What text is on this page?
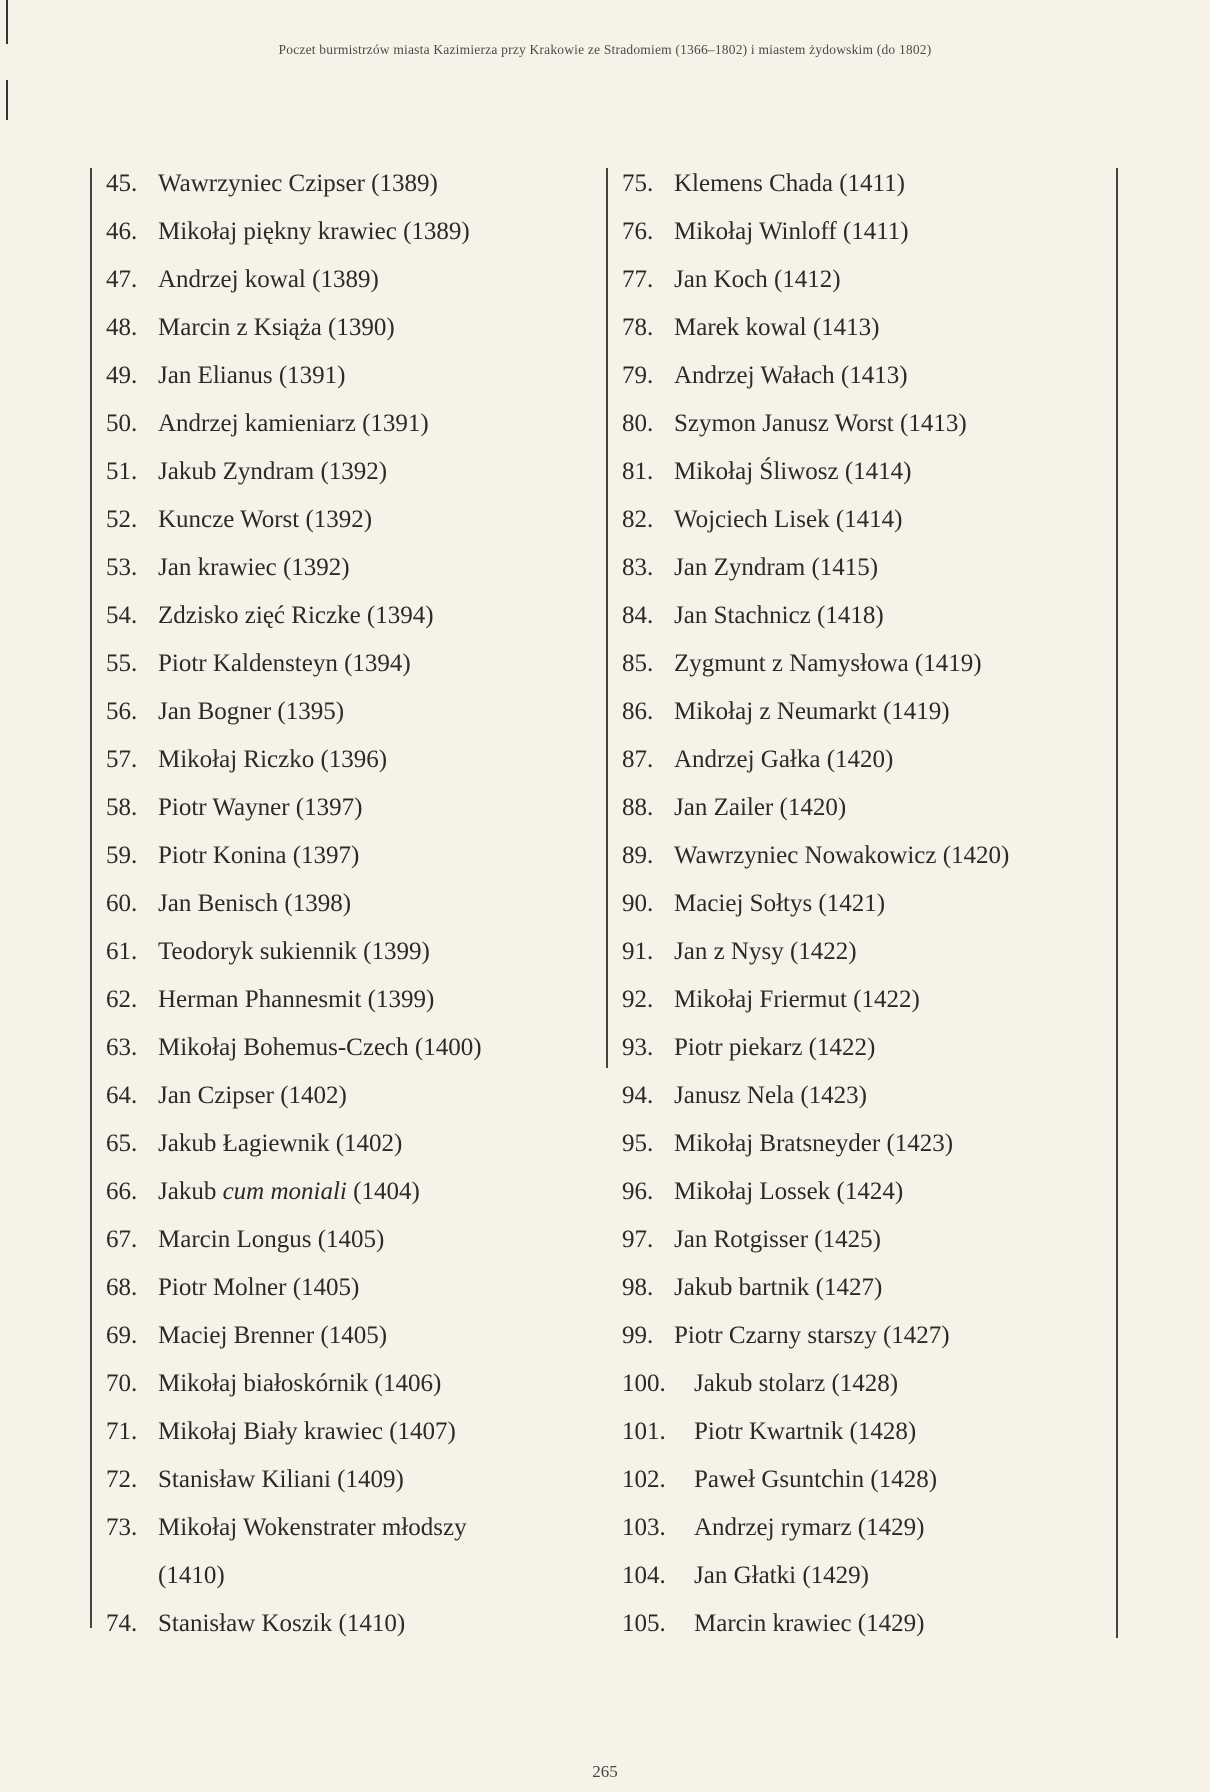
Poczet burmistrzów miasta Kazimierza przy Krakowie ze Stradomiem (1366–1802) i miastem żydowskim (do 1802)
45. Wawrzyniec Czipser (1389)
46. Mikołaj piękny krawiec (1389)
47. Andrzej kowal (1389)
48. Marcin z Książa (1390)
49. Jan Elianus (1391)
50. Andrzej kamieniarz (1391)
51. Jakub Zyndram (1392)
52. Kuncze Worst (1392)
53. Jan krawiec (1392)
54. Zdzisko zięć Riczke (1394)
55. Piotr Kaldensteyn (1394)
56. Jan Bogner (1395)
57. Mikołaj Riczko (1396)
58. Piotr Wayner (1397)
59. Piotr Konina (1397)
60. Jan Benisch (1398)
61. Teodoryk sukiennik (1399)
62. Herman Phannesmit (1399)
63. Mikołaj Bohemus-Czech (1400)
64. Jan Czipser (1402)
65. Jakub Łagiewnik (1402)
66. Jakub cum moniali (1404)
67. Marcin Longus (1405)
68. Piotr Molner (1405)
69. Maciej Brenner (1405)
70. Mikołaj białoskórnik (1406)
71. Mikołaj Biały krawiec (1407)
72. Stanisław Kiliani (1409)
73. Mikołaj Wokenstrater młodszy
(1410)
74. Stanisław Koszik (1410)
75. Klemens Chada (1411)
76. Mikołaj Winloff (1411)
77. Jan Koch (1412)
78. Marek kowal (1413)
79. Andrzej Wałach (1413)
80. Szymon Janusz Worst (1413)
81. Mikołaj Śliwosz (1414)
82. Wojciech Lisek (1414)
83. Jan Zyndram (1415)
84. Jan Stachnicz (1418)
85. Zygmunt z Namysłowa (1419)
86. Mikołaj z Neumarkt (1419)
87. Andrzej Gałka (1420)
88. Jan Zailer (1420)
89. Wawrzyniec Nowakowicz (1420)
90. Maciej Sołtys (1421)
91. Jan z Nysy (1422)
92. Mikołaj Friermut (1422)
93. Piotr piekarz (1422)
94. Janusz Nela (1423)
95. Mikołaj Bratsneyder (1423)
96. Mikołaj Lossek (1424)
97. Jan Rotgisser (1425)
98. Jakub bartnik (1427)
99. Piotr Czarny starszy (1427)
100. Jakub stolarz (1428)
101. Piotr Kwartnik (1428)
102. Paweł Gsuntchin (1428)
103. Andrzej rymarz (1429)
104. Jan Głatki (1429)
105. Marcin krawiec (1429)
265
